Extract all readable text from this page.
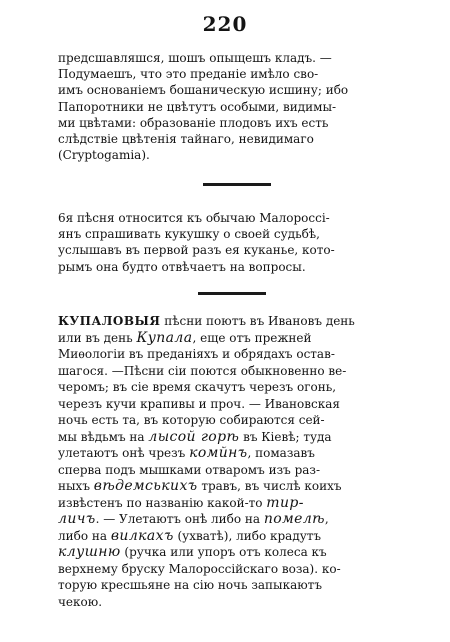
220
предсшавляшся, шошъ опыщешъ кладъ. —
Подумаешъ, что это преданіе имѣло сво-
имъ основаніемъ бошаническую исшину; ибо
Папоротники не цвѣтутъ особыми, видимы-
ми цвѣтами: образованіе плодовъ ихъ есть
слѣдствіе цвѣтенія тайнаго, невидимаго
(Cryptogamia).
6я пѣсня относится къ обычаю Малороссі-
янъ спрашивать кукушку о своей судьбѣ,
услышавъ въ первой разъ ея куканье, кото-
рымъ она будто отвѣчаетъ на вопросы.
КУПАЛОВЫЯ пѣсни поютъ въ Ивановъ день
или въ день Купала, еще отъ прежней
Миѳологіи въ преданіяхъ и обрядахъ остав-
шагося. —Пѣсни сіи поются обыкновенно ве-
черомъ; въ сіе время скачутъ черезъ огонь,
черезъ кучи крапивы и проч. — Ивановская
ночь есть та, въ которую собираются сей-
мы вѣдьмъ на лысой горѣ въ Кіевѣ; туда
улетаютъ онѣ чрезъ комйнъ, помазавъ
сперва подъ мышками отваромъ изъ раз-
ныхъ вѣдемськихъ травъ, въ числѣ коихъ
извѣстенъ по названію какой-то тир-
личъ. — Улетаютъ онѣ либо на помелѣ,
либо на вилкахъ (ухватѣ), либо крадутъ
клушню (ручка или упоръ отъ колеса къ
верхнему бруску Малороссійскаго воза). ко-
торую кресшьяне на сію ночь запыкаютъ
чекою.
